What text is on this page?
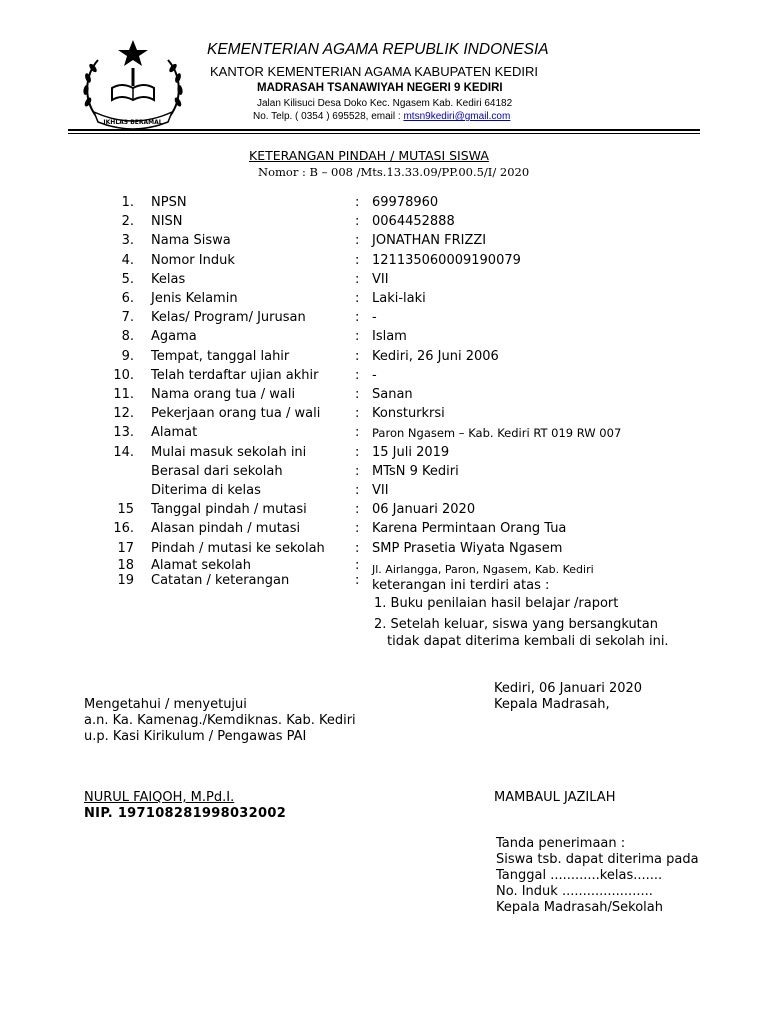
IKHLAS BERAMAL
KEMENTERIAN AGAMA REPUBLIK INDONESIA
KANTOR KEMENTERIAN AGAMA KABUPATEN KEDIRI
MADRASAH TSANAWIYAH NEGERI 9 KEDIRI
Jalan Kilisuci Desa Doko Kec. Ngasem Kab. Kediri 64182
No. Telp. ( 0354 ) 695528, email : mtsn9kediri@gmail.com
KETERANGAN PINDAH / MUTASI SISWA
Nomor : B – 008 /Mts.13.33.09/PP.00.5/I/ 2020
1. NPSN	: 69978960
2. NISN	: 0064452888
3. Nama Siswa	: JONATHAN FRIZZI
4. Nomor Induk	: 121135060009190079
5. Kelas	: VII
6. Jenis Kelamin	: Laki-laki
7. Kelas/ Program/ Jurusan	: -
8. Agama	: Islam
9. Tempat, tanggal lahir	: Kediri, 26 Juni 2006
10. Telah terdaftar ujian akhir	: -
11. Nama orang tua / wali	: Sanan
12. Pekerjaan orang tua / wali	: Konsturkrsi
13. Alamat	: Paron Ngasem – Kab. Kediri RT 019 RW 007
14. Mulai masuk sekolah ini	: 15 Juli 2019
Berasal dari sekolah	: MTsN 9 Kediri
Diterima di kelas	: VII
15 Tanggal pindah / mutasi	: 06 Januari 2020
16. Alasan pindah / mutasi	: Karena Permintaan Orang Tua
17 Pindah / mutasi ke sekolah : SMP Prasetia Wiyata Ngasem
18 Alamat sekolah	: Jl. Airlangga, Paron, Ngasem, Kab. Kediri
19 Catatan / keterangan	: keterangan ini terdiri atas :
1. Buku penilaian hasil belajar /raport
2. Setelah keluar, siswa yang bersangkutan
tidak dapat diterima kembali di sekolah ini.
Kediri, 06 Januari 2020
Kepala Madrasah,
Mengetahui / menyetujui
a.n. Ka. Kamenag./Kemdiknas. Kab. Kediri
u.p. Kasi Kirikulum / Pengawas PAI
NURUL FAIQOH, M.Pd.I.
NIP. 197108281998032002
MAMBAUL JAZILAH
Tanda penerimaan :
Siswa tsb. dapat diterima pada
Tanggal ............kelas.......
No. Induk ......................
Kepala Madrasah/Sekolah
